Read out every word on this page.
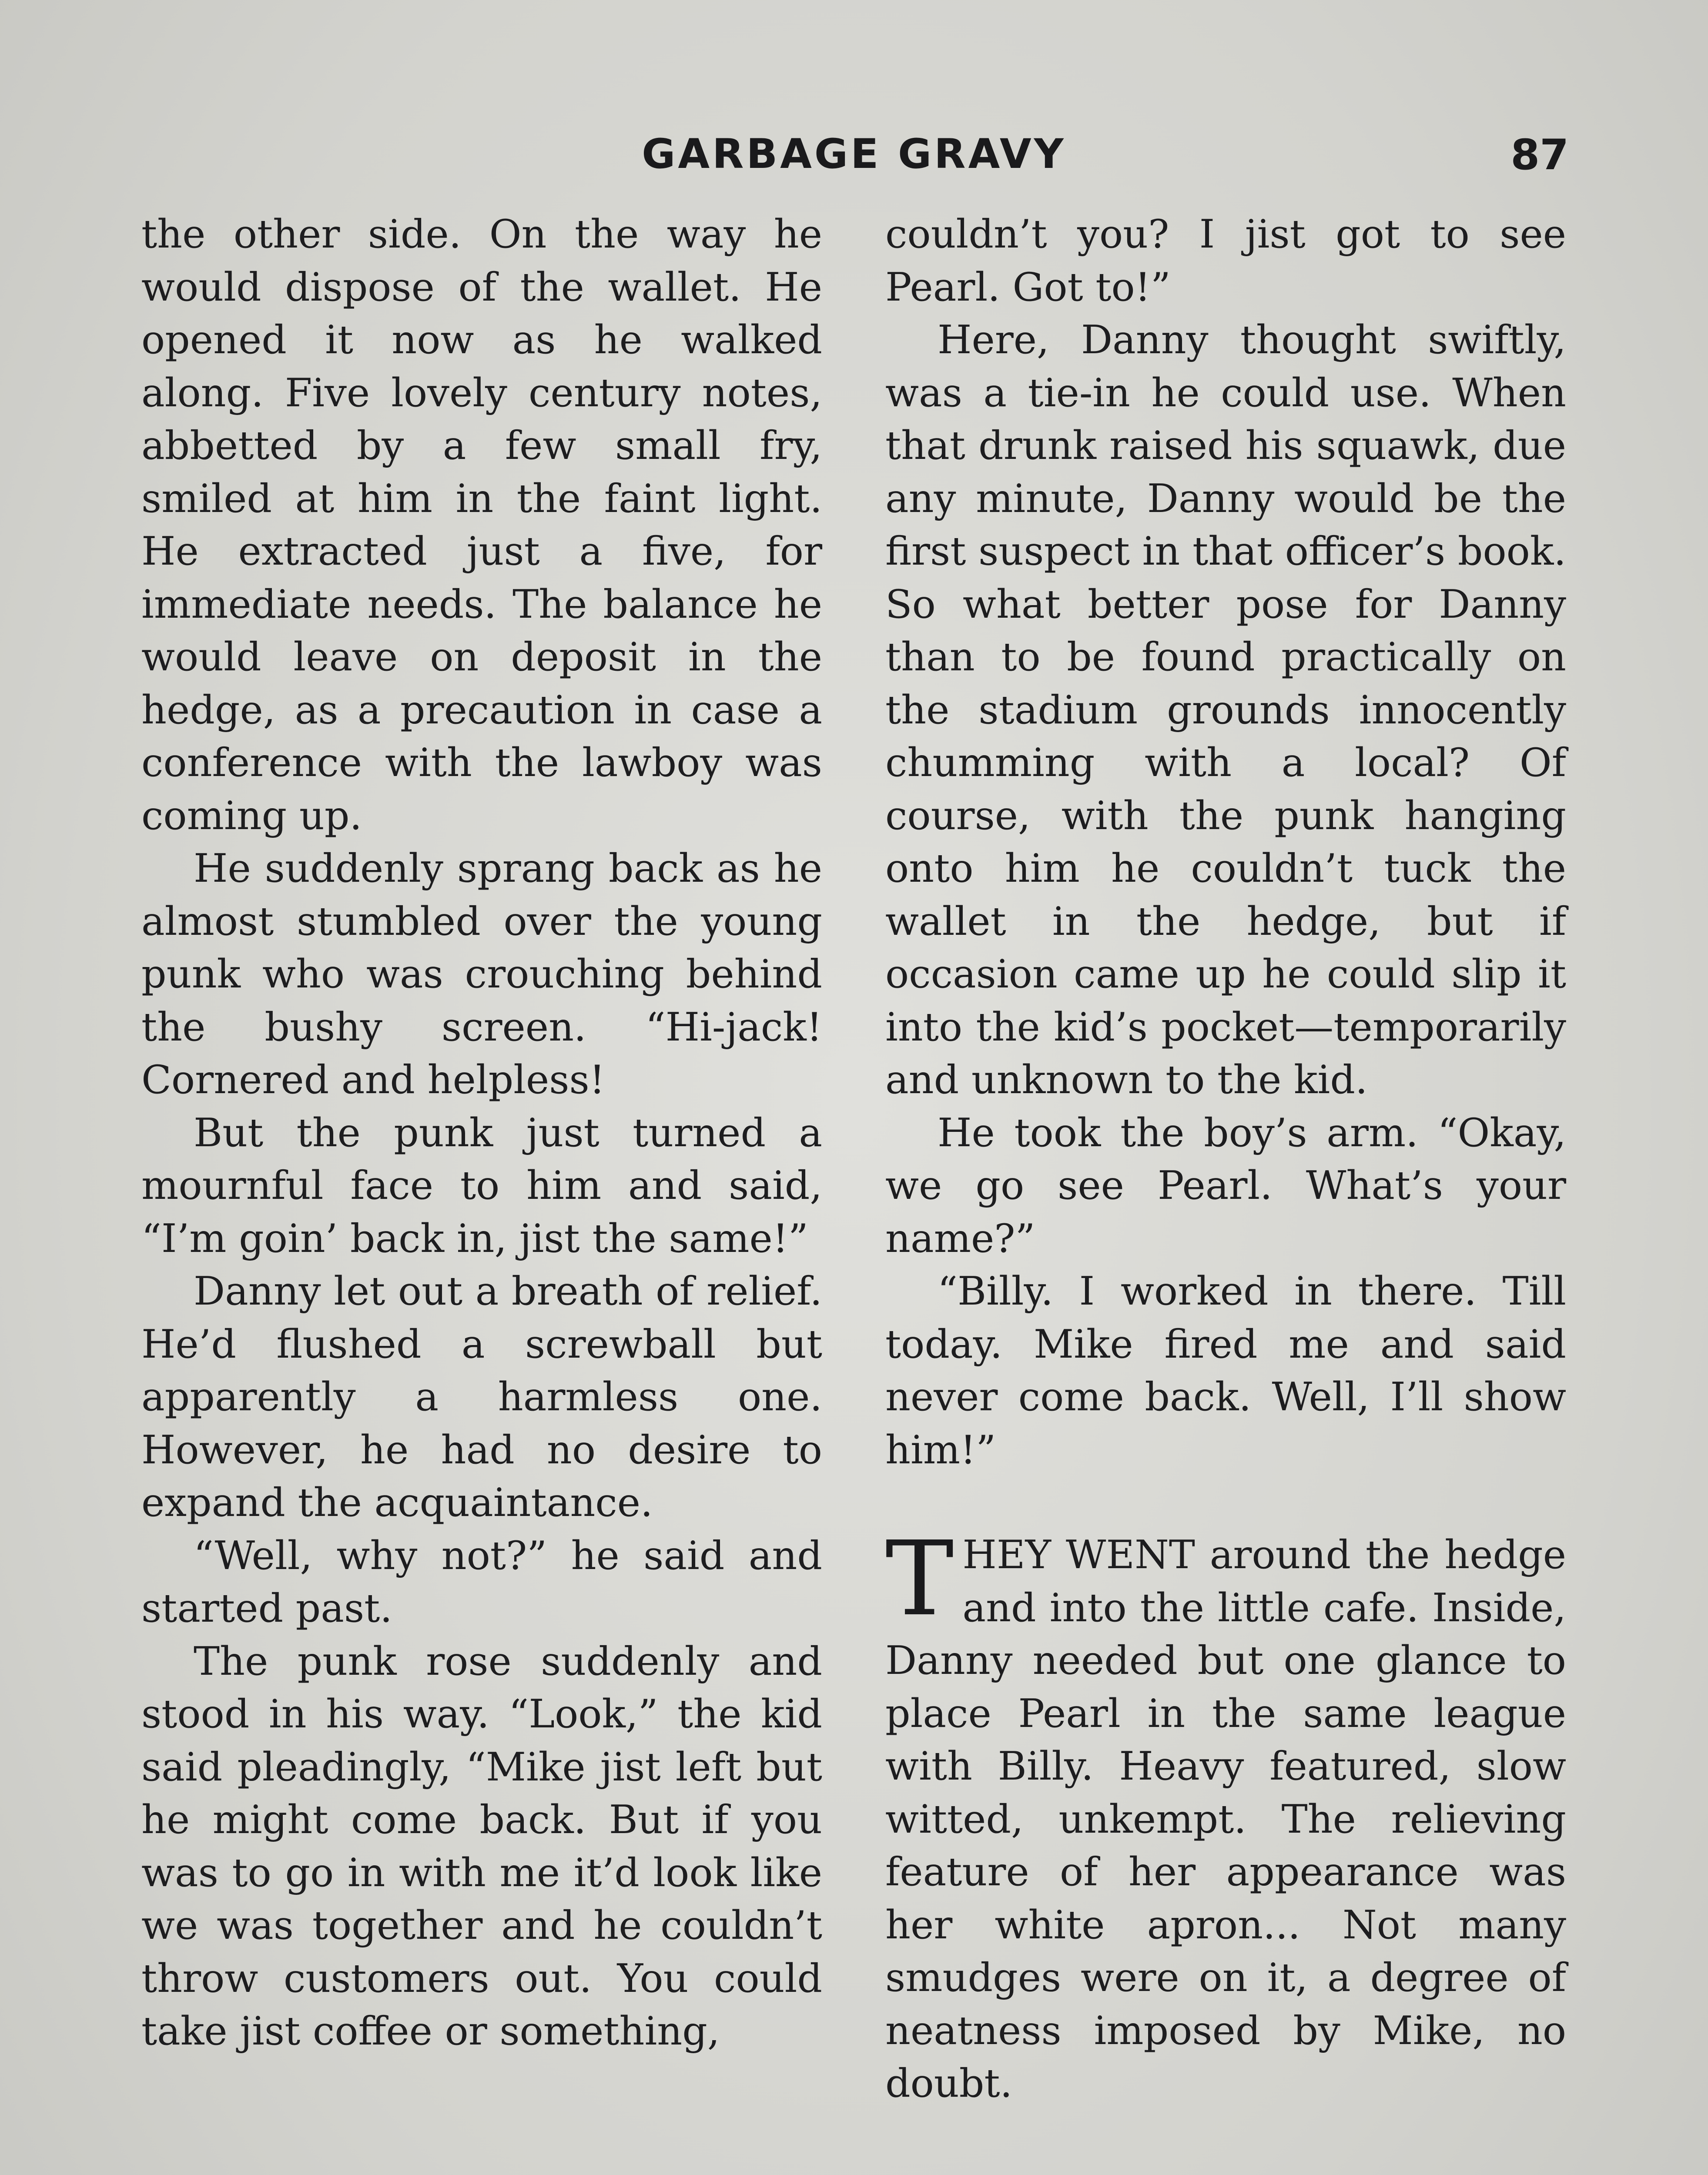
GARBAGE GRAVY	87

the other side. On the way he would dispose of the wallet. He opened it now as he walked along. Five lovely century notes, abbetted by a few small fry, smiled at him in the faint light. He extracted just a five, for immediate needs. The balance he would leave on deposit in the hedge, as a precaution in case a conference with the lawboy was coming up.

He suddenly sprang back as he almost stumbled over the young punk who was crouching behind the bushy screen. “Hi-jack! Cornered and helpless!

But the punk just turned a mournful face to him and said, “I’m goin’ back in, jist the same!”

Danny let out a breath of relief. He’d flushed a screwball but apparently a harmless one. However, he had no desire to expand the acquaintance.

“Well, why not?” he said and started past.

The punk rose suddenly and stood in his way. “Look,” the kid said pleadingly, “Mike jist left but he might come back. But if you was to go in with me it’d look like we was together and he couldn’t throw customers out. You could take jist coffee or something,

couldn’t you? I jist got to see Pearl. Got to!”

Here, Danny thought swiftly, was a tie-in he could use. When that drunk raised his squawk, due any minute, Danny would be the first suspect in that officer’s book. So what better pose for Danny than to be found practically on the stadium grounds innocently chumming with a local? Of course, with the punk hanging onto him he couldn’t tuck the wallet in the hedge, but if occasion came up he could slip it into the kid’s pocket—temporarily and unknown to the kid.

He took the boy’s arm. “Okay, we go see Pearl. What’s your name?”

“Billy. I worked in there. Till today. Mike fired me and said never come back. Well, I’ll show him!”

THEY WENT around the hedge and into the little cafe. Inside, Danny needed but one glance to place Pearl in the same league with Billy. Heavy featured, slow witted, unkempt. The relieving feature of her appearance was her white apron... Not many smudges were on it, a degree of neatness imposed by Mike, no doubt.
